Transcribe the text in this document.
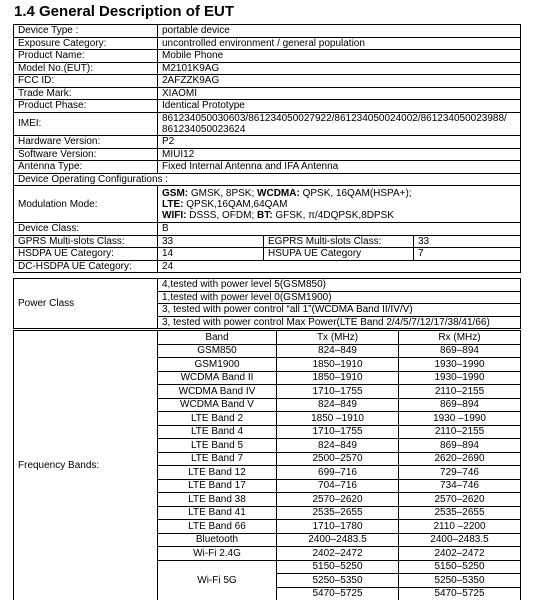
1.4 General Description of EUT
Device Type :	portable device		
Exposure Category:	uncontrolled environment / general population		
Product Name:	Mobile Phone		
Model No.(EUT):	M2101K9AG		
FCC ID:	2AFZZK9AG		
Trade Mark:	XIAOMI		
Product Phase:	Identical Prototype		
IMEI:	861234050030603/861234050027922/861234050024002/861234050023988/
861234050023624		

Hardware Version:	P2		
Software Version:	MIUI12		
Antenna Type:	Fixed Internal Antenna and IFA Antenna		
Device Operating Configurations :			
Modulation Mode:	GSM: GMSK, 8PSK; WCDMA: QPSK, 16QAM(HSPA+);
LTE: QPSK,16QAM,64QAM
WIFI: DSSS, OFDM; BT: GFSK, π/4DQPSK,8DPSK		

Device Class:	B		
GPRS Multi-slots Class:	33	EGPRS Multi-slots Class:	33
HSDPA UE Category:	14	HSUPA UE Category	7
DC-HSDPA UE Category:	24		
Power Class	4,tested with power level 5(GSM850)
1,tested with power level 0(GSM1900)
3, tested with power control “all 1”(WCDMA Band II/IV/V)
3, tested with power control Max Power(LTE Band 2/4/5/7/12/17/38/41/66)
Frequency Bands:	Band	Tx (MHz)	Rx (MHz)
	GSM850	824–849	869–894
	GSM1900	1850–1910	1930–1990
	WCDMA Band II	1850–1910	1930–1990
	WCDMA Band IV	1710–1755	2110–2155
	WCDMA Band V	824–849	869–894
	LTE Band 2	1850 –1910	1930 –1990
	LTE Band 4	1710–1755	2110–2155
	LTE Band 5	824–849	869–894
	LTE Band 7	2500–2570	2620–2690
	LTE Band 12	699–716	729–746
	LTE Band 17	704–716	734–746
	LTE Band 38	2570–2620	2570–2620
	LTE Band 41	2535–2655	2535–2655
	LTE Band 66	1710–1780	2110 –2200
	Bluetooth	2400–2483.5	2400–2483.5
	Wi-Fi 2.4G	2402–2472	2402–2472
	Wi-Fi 5G	5150–5250	5150–5250
		5250–5350	5250–5350
		5470–5725	5470–5725
